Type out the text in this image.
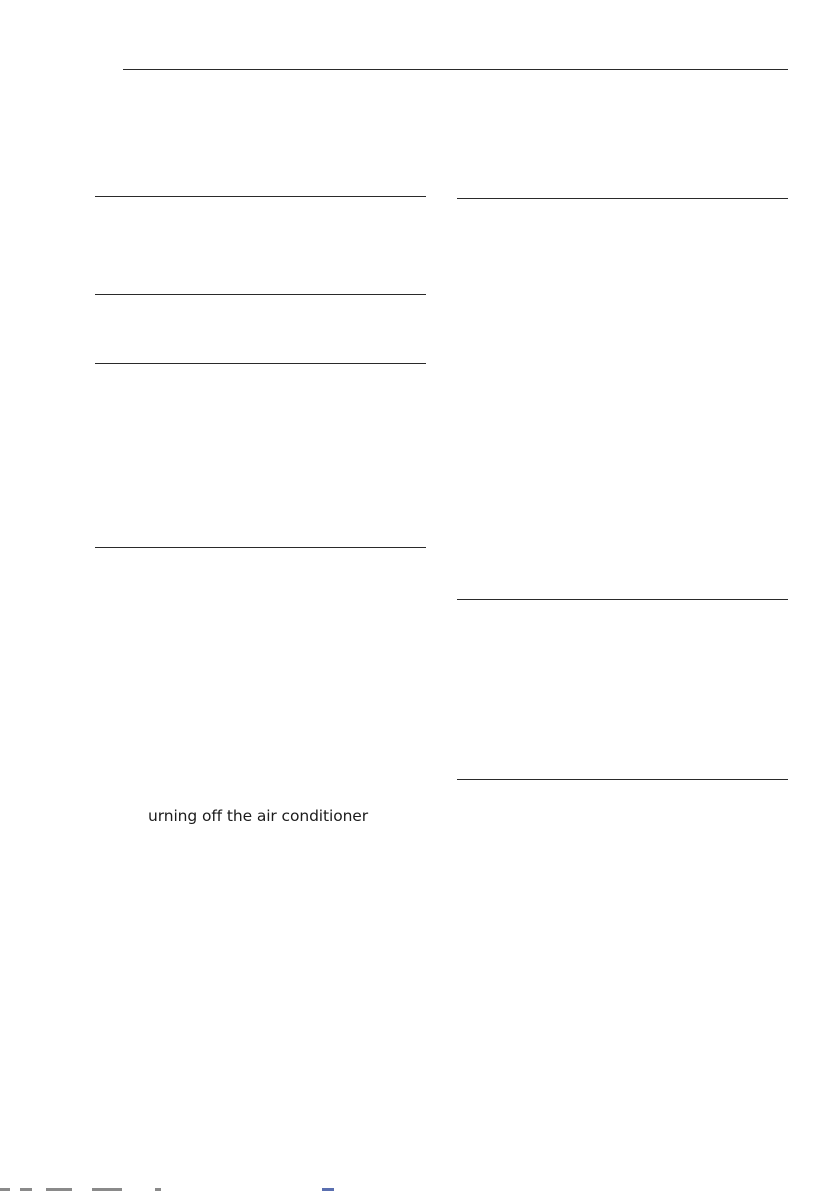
urning off the air conditioner
